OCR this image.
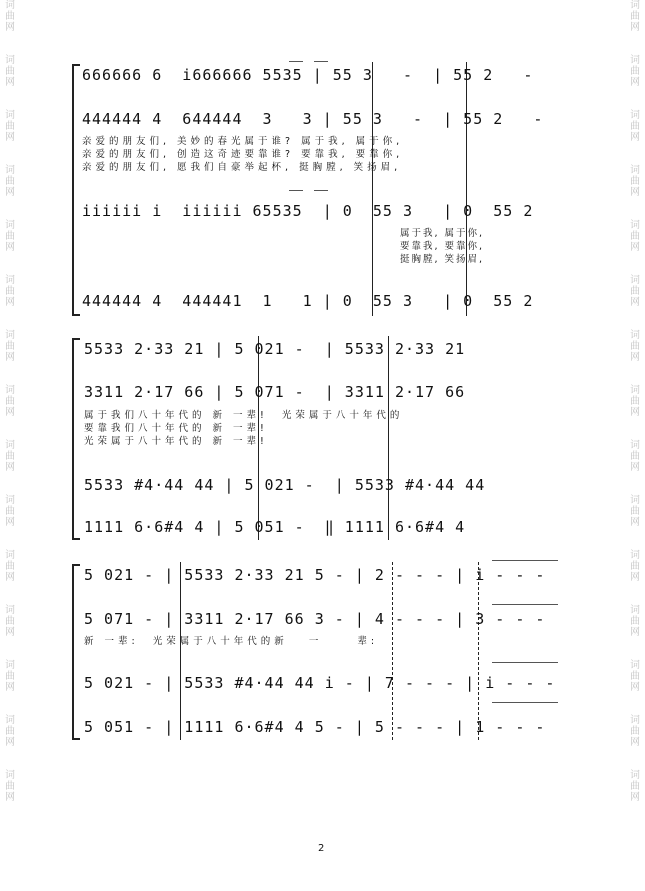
词
曲
网
词
曲
网
词
曲
网
词
曲
网
词
曲
网
词
曲
网
词
曲
网
词
曲
网
词
曲
网
词
曲
网
词
曲
网
词
曲
网
词
曲
网
词
曲
网
词
曲
网
词
曲
网
词
曲
网
词
曲
网
词
曲
网
词
曲
网
词
曲
网
词
曲
网
词
曲
网
词
曲
网
词
曲
网
词
曲
网
词
曲
网
词
曲
网
词
曲
网
词
曲
网
666666 6  i666666 5535 | 55 3   -  | 55 2   -
444444 4  644444  3   3 | 55 3   -  | 55 2   -
亲爱的朋友们, 美妙的春光属于谁? 属于我, 属于你,
亲爱的朋友们, 创造这奇迹要靠谁? 要靠我, 要靠你,
亲爱的朋友们, 愿我们自豪举起杯, 挺胸膛, 笑扬眉,
iiiiii i  iiiiii 65535  | 0  55 3   | 0  55 2
属于我, 属于你,
要靠我, 要靠你,
挺胸膛, 笑扬眉,
444444 4  444441  1   1 | 0  55 3   | 0  55 2
5533 2·33 21 | 5 021 -  | 5533 2·33 21
3311 2·17 66 | 5 071 -  | 3311 2·17 66
属于我们八十年代的 新 一辈!  光荣属于八十年代的
要靠我们八十年代的 新 一辈!
光荣属于八十年代的 新 一辈!
5533 #4·44 44 | 5 021 -  | 5533 #4·44 44
1111 6·6#4 4 | 5 051 -  ‖ 1111 6·6#4 4
5 021 - | 5533 2·33 21 5 - | 2 - - - | i - - -
5 071 - | 3311 2·17 66 3 - | 4 - - - | 3 - - -
新 一辈:  光荣属于八十年代的新   一     辈:
5 021 - | 5533 #4·44 44 i - | 7 - - - | i - - -
5 051 - | 1111 6·6#4 4 5 - | 5 - - - | 1 - - -
2
